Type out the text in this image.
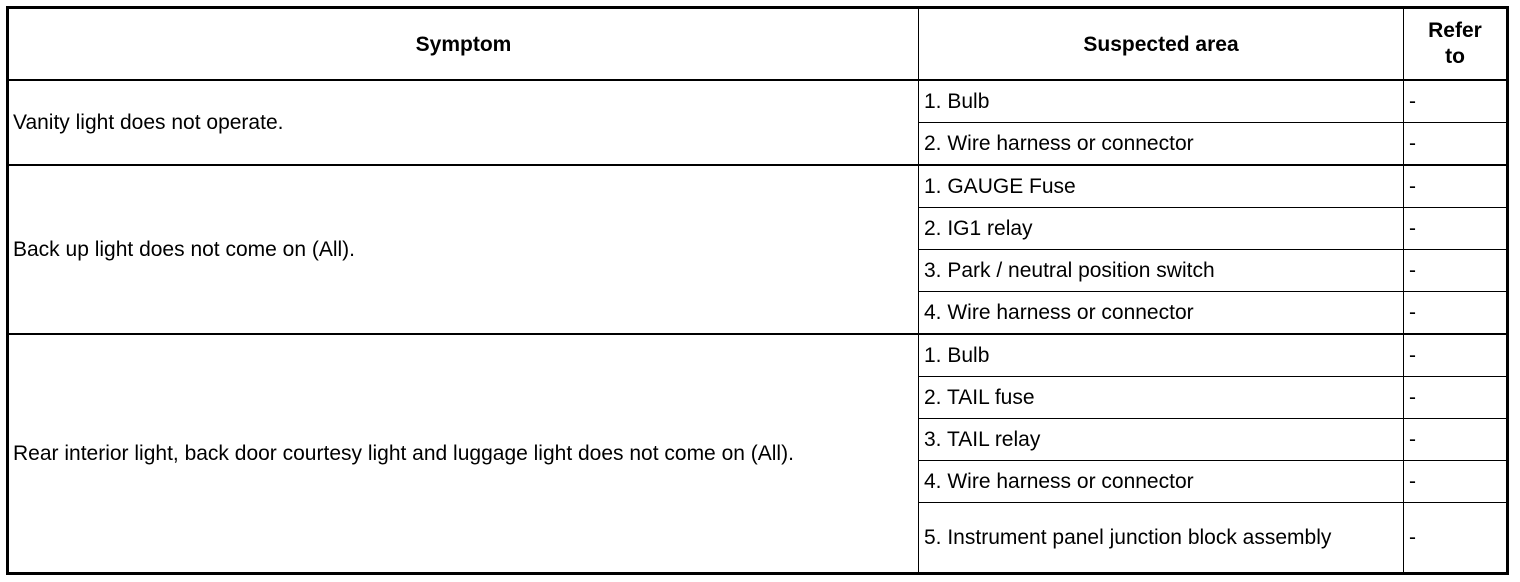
Symptom	Suspected area	Refer
to
Vanity light does not operate.	1. Bulb	-
	2. Wire harness or connector	-
Back up light does not come on (All).	1. GAUGE Fuse	-
	2. IG1 relay	-
	3. Park / neutral position switch	-
	4. Wire harness or connector	-
Rear interior light, back door courtesy light and luggage light does not come on (All).	1. Bulb	-
	2. TAIL fuse	-
	3. TAIL relay	-
	4. Wire harness or connector	-
	5. Instrument panel junction block assembly	-
